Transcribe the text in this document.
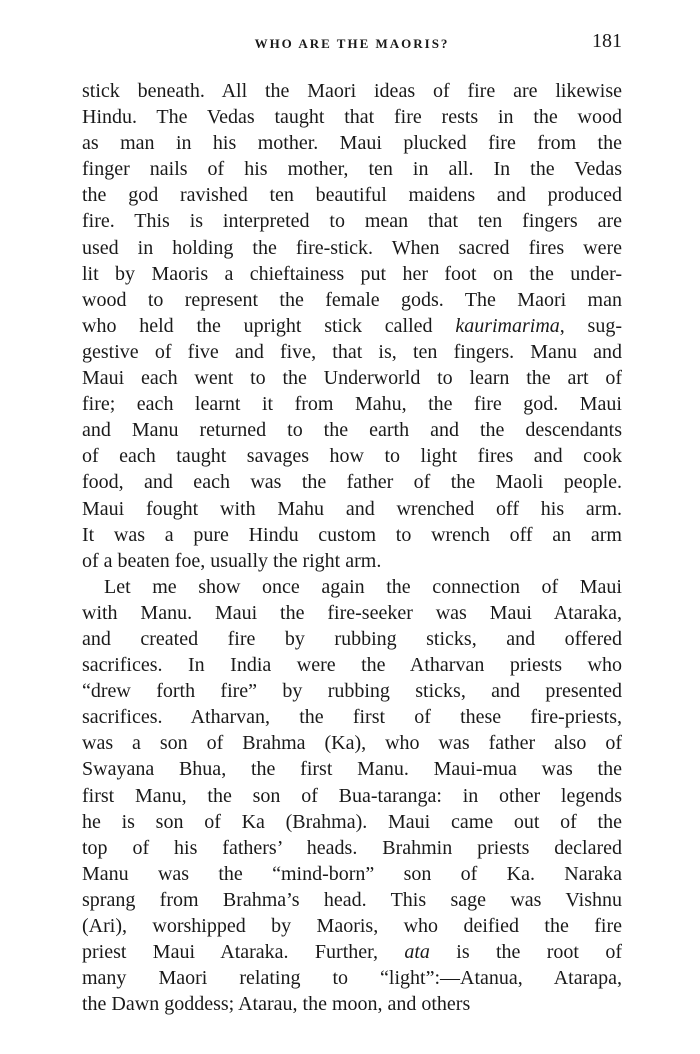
WHO ARE THE MAORIS?	181
stick beneath. All the Maori ideas of fire are likewise
Hindu. The Vedas taught that fire rests in the wood
as man in his mother. Maui plucked fire from the
finger nails of his mother, ten in all. In the Vedas
the god ravished ten beautiful maidens and produced
fire. This is interpreted to mean that ten fingers are
used in holding the fire-stick. When sacred fires were
lit by Maoris a chieftainess put her foot on the under-
wood to represent the female gods. The Maori man
who held the upright stick called kaurimarima, sug-
gestive of five and five, that is, ten fingers. Manu and
Maui each went to the Underworld to learn the art of
fire; each learnt it from Mahu, the fire god. Maui
and Manu returned to the earth and the descendants
of each taught savages how to light fires and cook
food, and each was the father of the Maoli people.
Maui fought with Mahu and wrenched off his arm.
It was a pure Hindu custom to wrench off an arm
of a beaten foe, usually the right arm.
Let me show once again the connection of Maui
with Manu. Maui the fire-seeker was Maui Ataraka,
and created fire by rubbing sticks, and offered
sacrifices. In India were the Atharvan priests who
“drew forth fire” by rubbing sticks, and presented
sacrifices. Atharvan, the first of these fire-priests,
was a son of Brahma (Ka), who was father also of
Swayana Bhua, the first Manu. Maui-mua was the
first Manu, the son of Bua-taranga: in other legends
he is son of Ka (Brahma). Maui came out of the
top of his fathers’ heads. Brahmin priests declared
Manu was the “mind-born” son of Ka. Naraka
sprang from Brahma’s head. This sage was Vishnu
(Ari), worshipped by Maoris, who deified the fire
priest Maui Ataraka. Further, ata is the root of
many Maori relating to “light”:—Atanua, Atarapa,
the Dawn goddess; Atarau, the moon, and others
